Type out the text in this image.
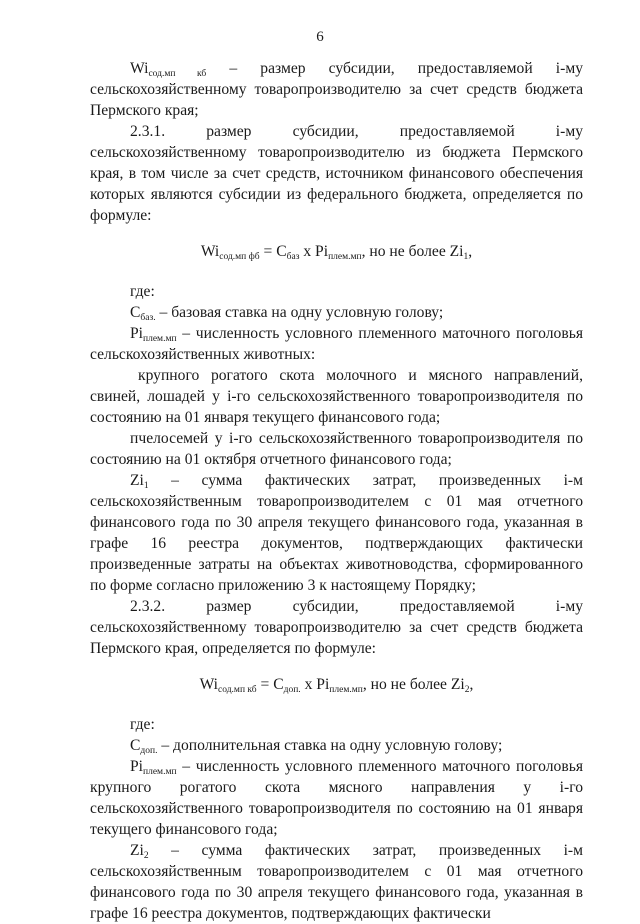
6

$Wi_{сод.мп кб}$ – размер субсидии, предоставляемой i-му сельскохозяйственному товаропроизводителю за счет средств бюджета Пермского края;

2.3.1. размер субсидии, предоставляемой i-му сельскохозяйственному товаропроизводителю из бюджета Пермского края, в том числе за счет средств, источником финансового обеспечения которых являются субсидии из федерального бюджета, определяется по формуле:

$Wi_{сод.мп фб} = С_{баз}$ х $Pi_{плем.мп}$, но не более $Zi_1$,

где:

$С_{баз.}$ – базовая ставка на одну условную голову;

$Pi_{плем.мп}$ – численность условного племенного маточного поголовья сельскохозяйственных животных:

крупного рогатого скота молочного и мясного направлений, свиней, лошадей у i-го сельскохозяйственного товаропроизводителя по состоянию на 01 января текущего финансового года;

пчелосемей у i-го сельскохозяйственного товаропроизводителя по состоянию на 01 октября отчетного финансового года;

$Zi_1$ – сумма фактических затрат, произведенных i-м сельскохозяйственным товаропроизводителем с 01 мая отчетного финансового года по 30 апреля текущего финансового года, указанная в графе 16 реестра документов, подтверждающих фактически произведенные затраты на объектах животноводства, сформированного по форме согласно приложению 3 к настоящему Порядку;

2.3.2. размер субсидии, предоставляемой i-му сельскохозяйственному товаропроизводителю за счет средств бюджета Пермского края, определяется по формуле:

$Wi_{сод.мп кб} = С_{доп.}$ х $Pi_{плем.мп}$, но не более $Zi_2$,

где:

$С_{доп.}$ – дополнительная ставка на одну условную голову;

$Pi_{плем.мп}$ – численность условного племенного маточного поголовья крупного рогатого скота мясного направления у i-го сельскохозяйственного товаропроизводителя по состоянию на 01 января текущего финансового года;

$Zi_2$ – сумма фактических затрат, произведенных i-м сельскохозяйственным товаропроизводителем с 01 мая отчетного финансового года по 30 апреля текущего финансового года, указанная в графе 16 реестра документов, подтверждающих фактически
